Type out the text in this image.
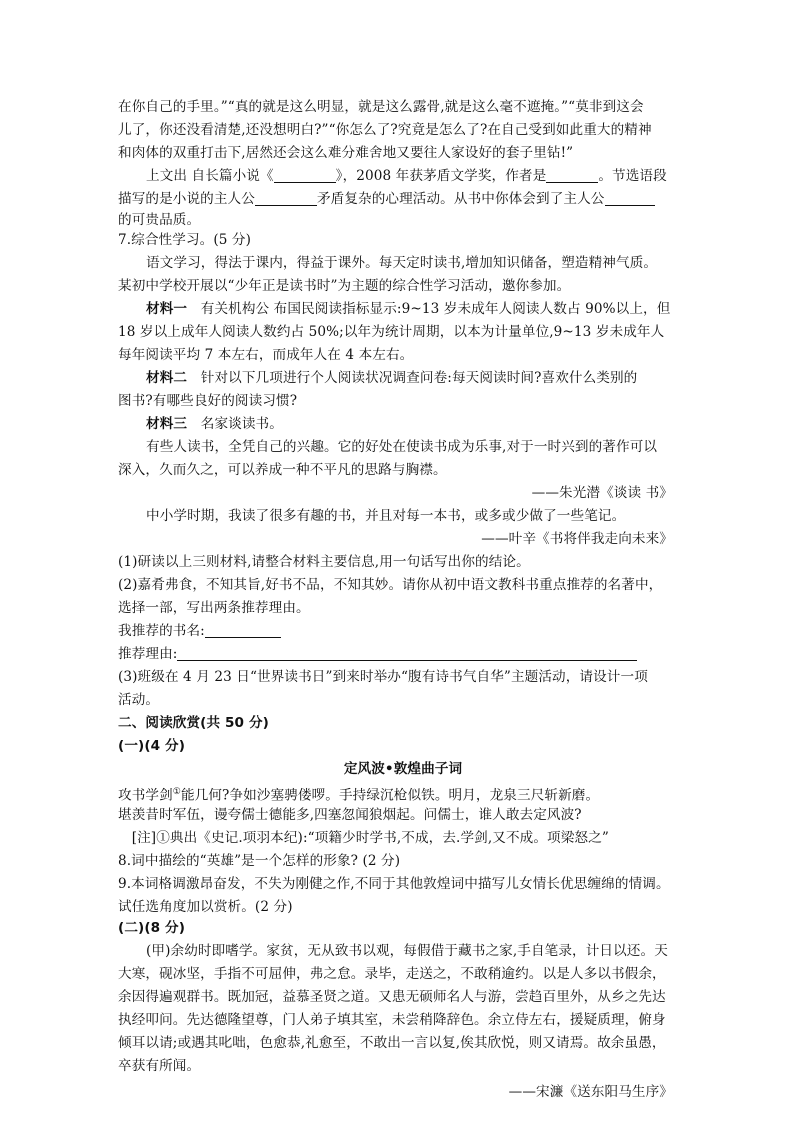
在你自己的手里。”“真的就是这么明显，就是这么露骨,就是这么毫不遮掩。”“莫非到这会
儿了，你还没看清楚,还没想明白?”“你怎么了?究竟是怎么了?在自己受到如此重大的精神
和肉体的双重打击下,居然还会这么难分难舍地又要往人家设好的套子里钻!”
上文出 自长篇小说《	》，2008 年获茅盾文学奖，作者是	。节选语段
描写的是小说的主人公	矛盾复杂的心理活动。从书中你体会到了主人公
的可贵品质。
7.综合性学习。(5 分)
语文学习，得法于课内，得益于课外。每天定时读书,增加知识储备，塑造精神气质。
某初中学校开展以“少年正是读书时”为主题的综合性学习活动，邀你参加。
材料一　有关机构公 布国民阅读指标显示:9~13 岁未成年人阅读人数占 90%以上，但
18 岁以上成年人阅读人数约占 50%;以年为统计周期，以本为计量单位,9~13 岁未成年人
每年阅读平均 7 本左右，而成年人在 4 本左右。
材料二　针对以下几项进行个人阅读状况调查问卷:每天阅读时间?喜欢什么类别的
图书?有哪些良好的阅读习惯?
材料三　名家谈读书。
有些人读书，全凭自己的兴趣。它的好处在使读书成为乐事,对于一时兴到的著作可以
深入，久而久之，可以养成一种不平凡的思路与胸襟。
——朱光潜《谈读 书》
中小学时期，我读了很多有趣的书，并且对每一本书，或多或少做了一些笔记。
——叶辛《书将伴我走向未来》
(1)研读以上三则材料,请整合材料主要信息,用一句话写出你的结论。
(2)嘉肴弗食，不知其旨,好书不品，不知其妙。请你从初中语文教科书重点推荐的名著中，
选择一部，写出两条推荐理由。
我推荐的书名:
推荐理由:
(3)班级在 4 月 23 日“世界读书日”到来时举办“腹有诗书气自华”主题活动，请设计一项
活动。
二、阅读欣赏(共 50 分)
(一)(4 分)
定风波•敦煌曲子词
攻书学剑①能几何?争如沙塞骋偻啰。手持绿沉枪似铁。明月，龙泉三尺斩新磨。
堪羡昔时军伍，谩夸儒士德能多,四塞忽闻狼烟起。问儒士，谁人敢去定风波?
　[注]①典出《史记.项羽本纪):“项籍少时学书,不成，去.学剑,又不成。项梁怒之”
8.词中描绘的“英雄”是一个怎样的形象? (2 分)
9.本词格调激昂奋发，不失为刚健之作,不同于其他敦煌词中描写儿女情长优思缠绵的情调。
试任选角度加以赏析。(2 分)
(二)(8 分)
(甲)余幼时即嗜学。家贫，无从致书以观，每假借于藏书之家,手自笔录，计日以还。天
大寒，砚冰坚，手指不可屈伸，弗之怠。录毕，走送之，不敢稍逾约。以是人多以书假余，
余因得遍观群书。既加冠，益慕圣贤之道。又患无硕师名人与游，尝趋百里外，从乡之先达
执经叩问。先达德隆望尊，门人弟子填其室，未尝稍降辞色。余立侍左右，援疑质理，俯身
倾耳以请;或遇其叱咄，色愈恭,礼愈至，不敢出一言以复,俟其欣悦，则又请焉。故余虽愚，
卒获有所闻。
——宋濂《送东阳马生序》
